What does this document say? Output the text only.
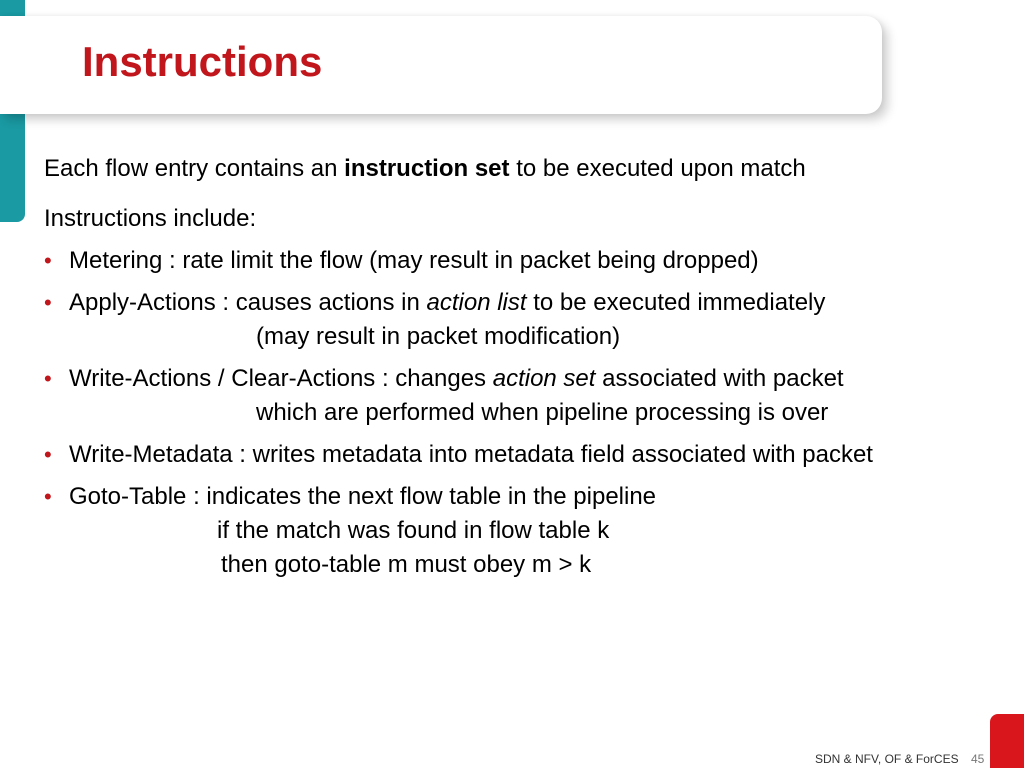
Instructions

Each flow entry contains an instruction set to be executed upon match

Instructions include:

• Metering : rate limit the flow (may result in packet being dropped)
• Apply-Actions : causes actions in action list to be executed immediately
(may result in packet modification)
• Write-Actions / Clear-Actions : changes action set associated with packet
which are performed when pipeline processing is over
• Write-Metadata : writes metadata into metadata field associated with packet
• Goto-Table : indicates the next flow table in the pipeline
if the match was found in flow table k
then goto-table m must obey m > k
SDN & NFV, OF & ForCES 45
